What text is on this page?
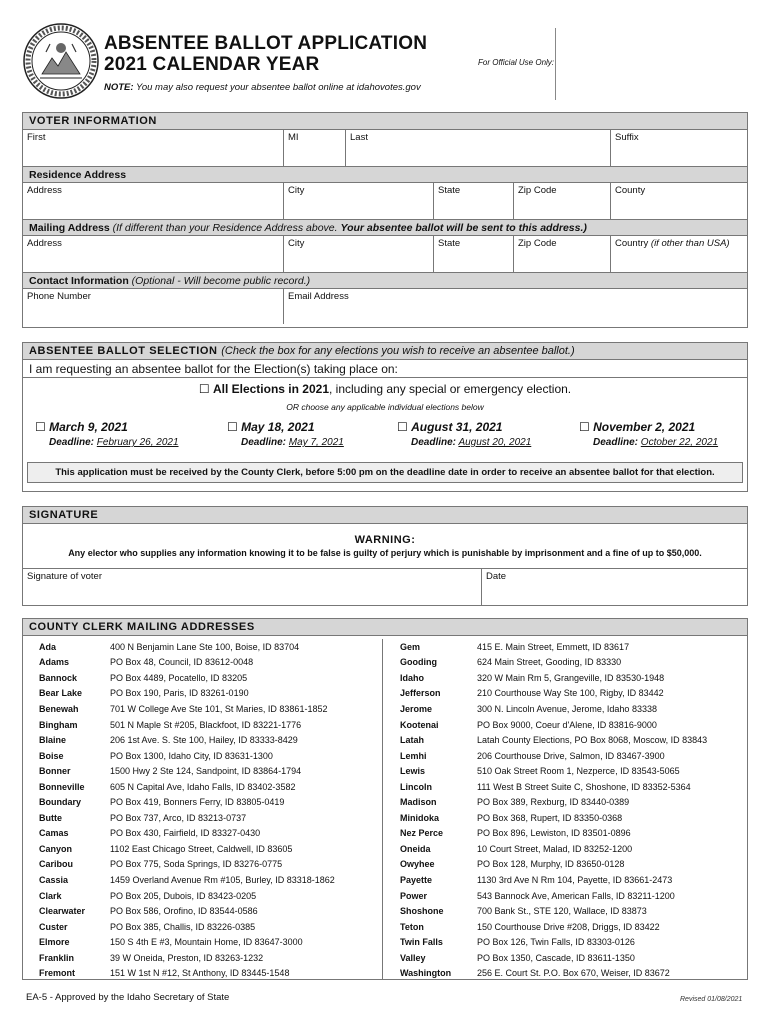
ABSENTEE BALLOT APPLICATION
2021 CALENDAR YEAR
NOTE: You may also request your absentee ballot online at idahovotes.gov
For Official Use Only:
VOTER INFORMATION
First	MI	Last	Suffix
Residence Address
Address	City	State	Zip Code	County
Mailing Address (If different than your Residence Address above. Your absentee ballot will be sent to this address.)
Address	City	State	Zip Code	Country (if other than USA)
Contact Information (Optional - Will become public record.)
Phone Number	Email Address
ABSENTEE BALLOT SELECTION (Check the box for any elections you wish to receive an absentee ballot.)
I am requesting an absentee ballot for the Election(s) taking place on:
☐ All Elections in 2021, including any special or emergency election.
OR choose any applicable individual elections below
☐ March 9, 2021
Deadline: February 26, 2021
☐ May 18, 2021
Deadline: May 7, 2021
☐ August 31, 2021
Deadline: August 20, 2021
☐ November 2, 2021
Deadline: October 22, 2021
This application must be received by the County Clerk, before 5:00 pm on the deadline date in order to receive an absentee ballot for that election.
SIGNATURE
WARNING:
Any elector who supplies any information knowing it to be false is guilty of perjury which is punishable by imprisonment and a fine of up to $50,000.
Signature of voter	Date
COUNTY CLERK MAILING ADDRESSES
Ada	400 N Benjamin Lane Ste 100, Boise, ID 83704
Adams	PO Box 48, Council, ID 83612-0048
Bannock	PO Box 4489, Pocatello, ID 83205
Bear Lake	PO Box 190, Paris, ID 83261-0190
Benewah	701 W College Ave Ste 101, St Maries, ID 83861-1852
Bingham	501 N Maple St #205, Blackfoot, ID 83221-1776
Blaine	206 1st Ave. S. Ste 100, Hailey, ID 83333-8429
Boise	PO Box 1300, Idaho City, ID 83631-1300
Bonner	1500 Hwy 2 Ste 124, Sandpoint, ID 83864-1794
Bonneville	605 N Capital Ave, Idaho Falls, ID 83402-3582
Boundary	PO Box 419, Bonners Ferry, ID 83805-0419
Butte	PO Box 737, Arco, ID 83213-0737
Camas	PO Box 430, Fairfield, ID 83327-0430
Canyon	1102 East Chicago Street, Caldwell, ID 83605
Caribou	PO Box 775, Soda Springs, ID 83276-0775
Cassia	1459 Overland Avenue Rm #105, Burley, ID 83318-1862
Clark	PO Box 205, Dubois, ID 83423-0205
Clearwater	PO Box 586, Orofino, ID 83544-0586
Custer	PO Box 385, Challis, ID 83226-0385
Elmore	150 S 4th E #3, Mountain Home, ID 83647-3000
Franklin	39 W Oneida, Preston, ID 83263-1232
Fremont	151 W 1st N #12, St Anthony, ID 83445-1548
Gem	415 E. Main Street, Emmett, ID 83617
Gooding	624 Main Street, Gooding, ID 83330
Idaho	320 W Main Rm 5, Grangeville, ID 83530-1948
Jefferson	210 Courthouse Way Ste 100, Rigby, ID 83442
Jerome	300 N. Lincoln Avenue, Jerome, Idaho 83338
Kootenai	PO Box 9000, Coeur d'Alene, ID 83816-9000
Latah	Latah County Elections, PO Box 8068, Moscow, ID 83843
Lemhi	206 Courthouse Drive, Salmon, ID 83467-3900
Lewis	510 Oak Street Room 1, Nezperce, ID 83543-5065
Lincoln	111 West B Street Suite C, Shoshone, ID 83352-5364
Madison	PO Box 389, Rexburg, ID 83440-0389
Minidoka	PO Box 368, Rupert, ID 83350-0368
Nez Perce	PO Box 896, Lewiston, ID 83501-0896
Oneida	10 Court Street, Malad, ID 83252-1200
Owyhee	PO Box 128, Murphy, ID 83650-0128
Payette	1130 3rd Ave N Rm 104, Payette, ID 83661-2473
Power	543 Bannock Ave, American Falls, ID 83211-1200
Shoshone	700 Bank St., STE 120, Wallace, ID 83873
Teton	150 Courthouse Drive #208, Driggs, ID 83422
Twin Falls	PO Box 126, Twin Falls, ID 83303-0126
Valley	PO Box 1350, Cascade, ID 83611-1350
Washington	256 E. Court St. P.O. Box 670, Weiser, ID 83672
EA-5 - Approved by the Idaho Secretary of State	Revised 01/08/2021
